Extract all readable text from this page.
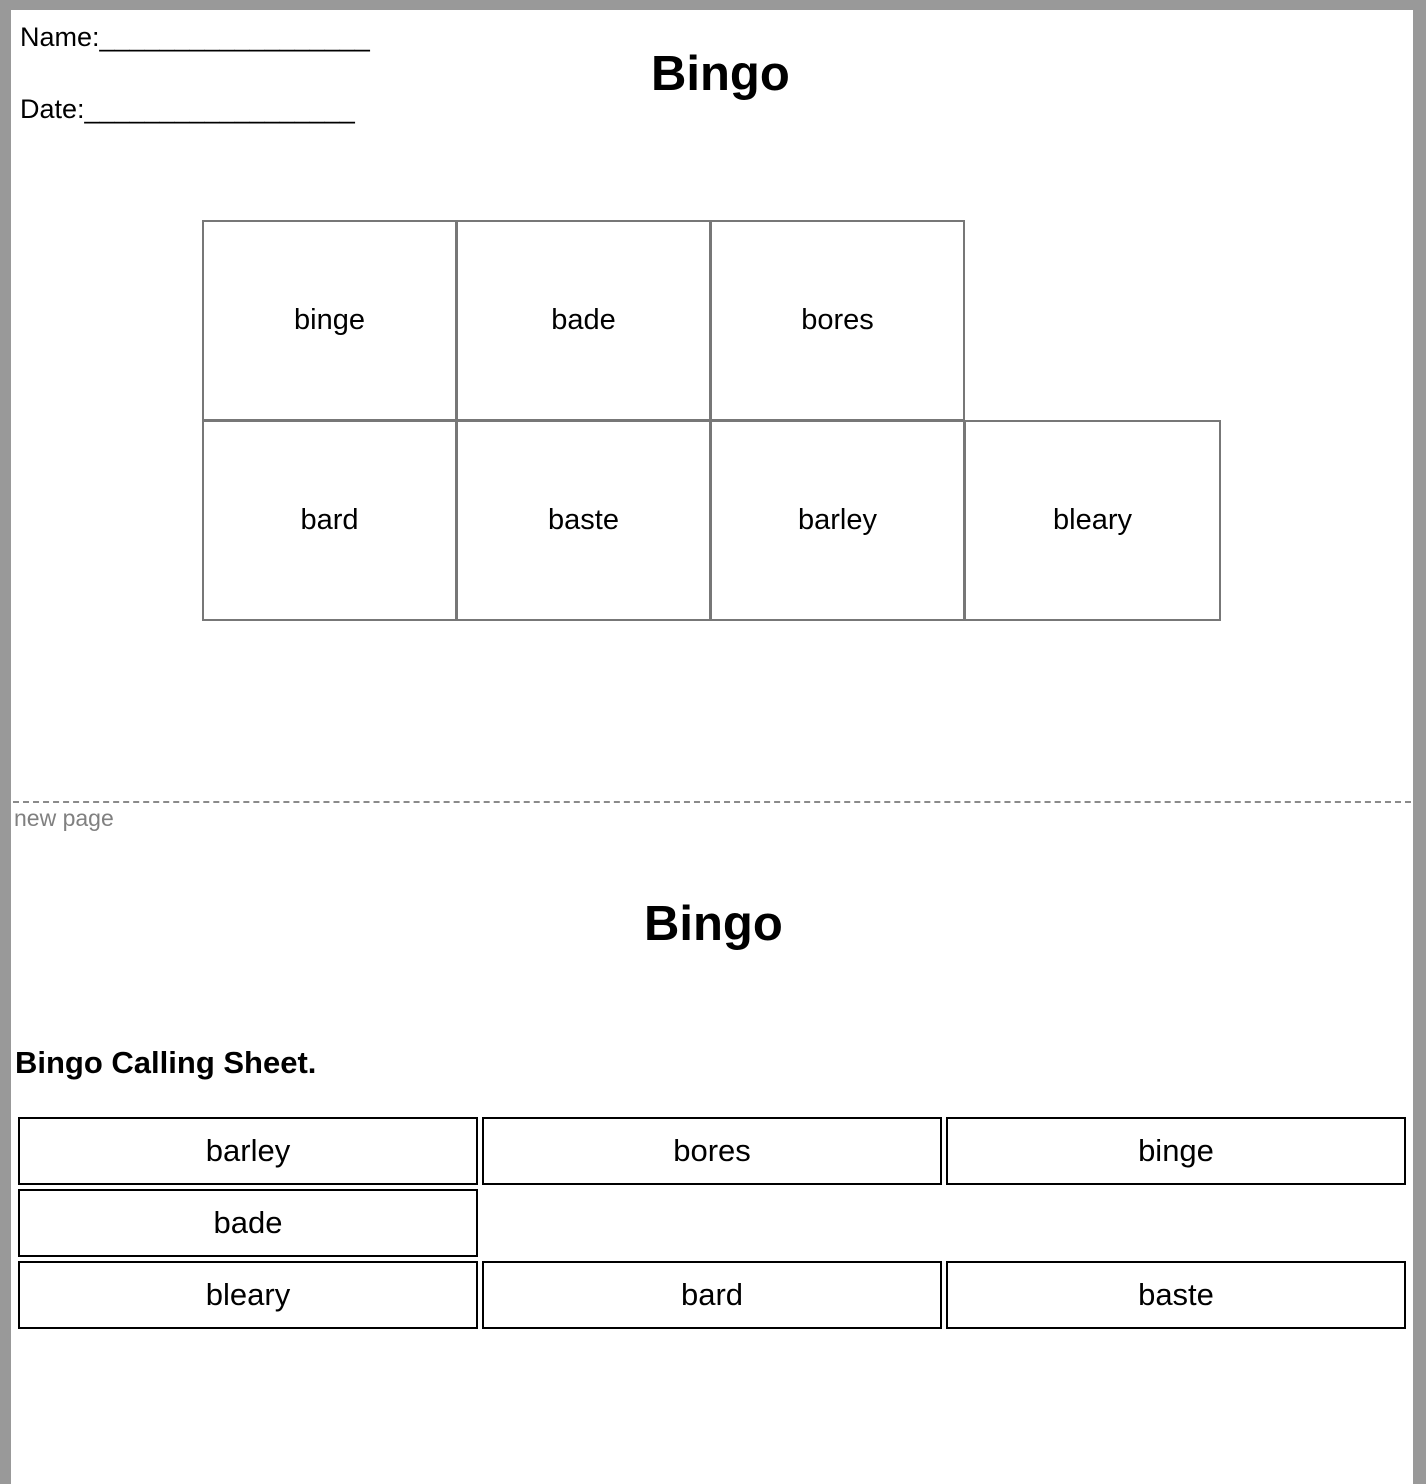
Name:__________________
Date:__________________
Bingo
binge	bade	bores
bard	baste	barley	bleary
new page
Bingo
Bingo Calling Sheet.
barley	bores	binge
bade
bleary	bard	baste
